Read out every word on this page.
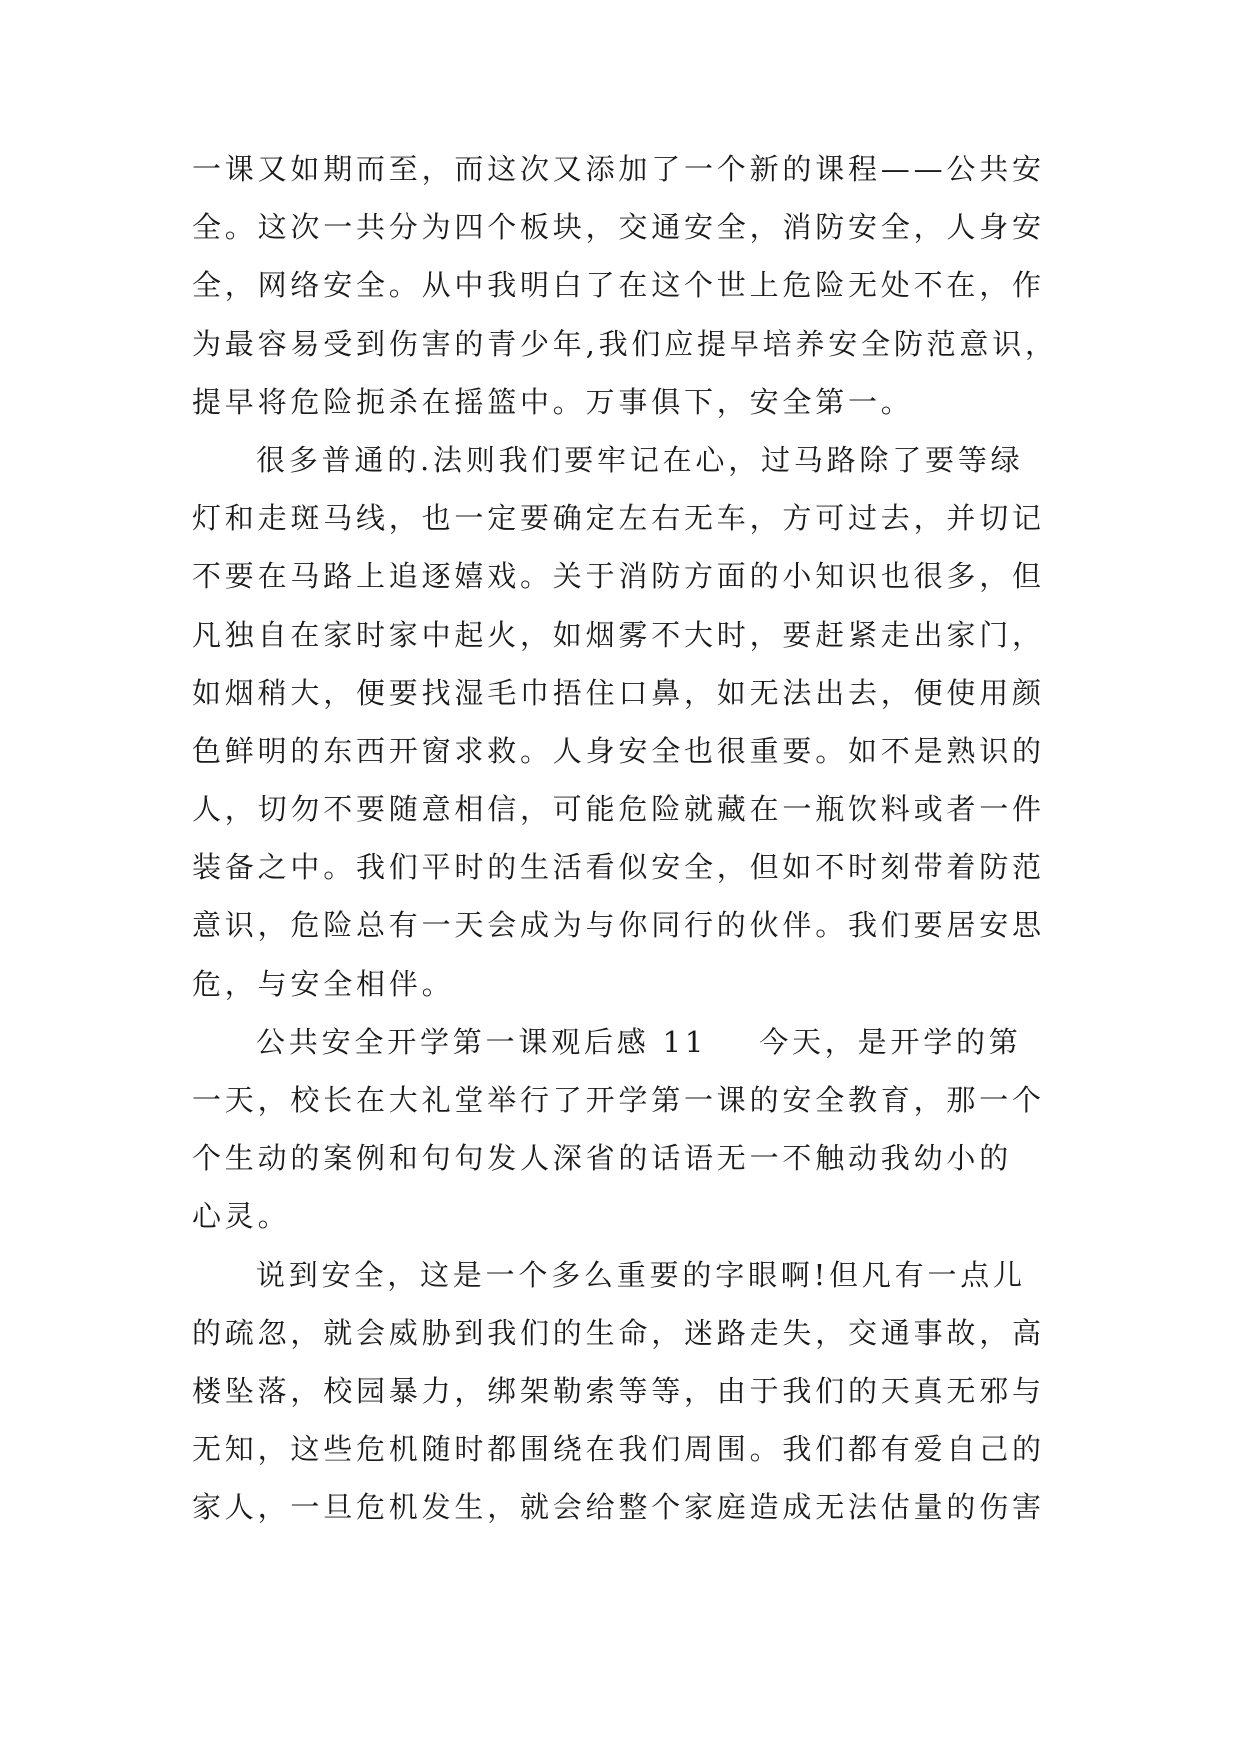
一课又如期而至，而这次又添加了一个新的课程——公共安
全。这次一共分为四个板块，交通安全，消防安全，人身安
全，网络安全。从中我明白了在这个世上危险无处不在，作
为最容易受到伤害的青少年,我们应提早培养安全防范意识，
提早将危险扼杀在摇篮中。万事俱下，安全第一。
很多普通的.法则我们要牢记在心，过马路除了要等绿
灯和走斑马线，也一定要确定左右无车，方可过去，并切记
不要在马路上追逐嬉戏。关于消防方面的小知识也很多，但
凡独自在家时家中起火，如烟雾不大时，要赶紧走出家门，
如烟稍大，便要找湿毛巾捂住口鼻，如无法出去，便使用颜
色鲜明的东西开窗求救。人身安全也很重要。如不是熟识的
人，切勿不要随意相信，可能危险就藏在一瓶饮料或者一件
装备之中。我们平时的生活看似安全，但如不时刻带着防范
意识，危险总有一天会成为与你同行的伙伴。我们要居安思
危，与安全相伴。
公共安全开学第一课观后感 11    今天，是开学的第
一天，校长在大礼堂举行了开学第一课的安全教育，那一个
个生动的案例和句句发人深省的话语无一不触动我幼小的
心灵。
说到安全，这是一个多么重要的字眼啊!但凡有一点儿
的疏忽，就会威胁到我们的生命，迷路走失，交通事故，高
楼坠落，校园暴力，绑架勒索等等，由于我们的天真无邪与
无知，这些危机随时都围绕在我们周围。我们都有爱自己的
家人，一旦危机发生，就会给整个家庭造成无法估量的伤害
